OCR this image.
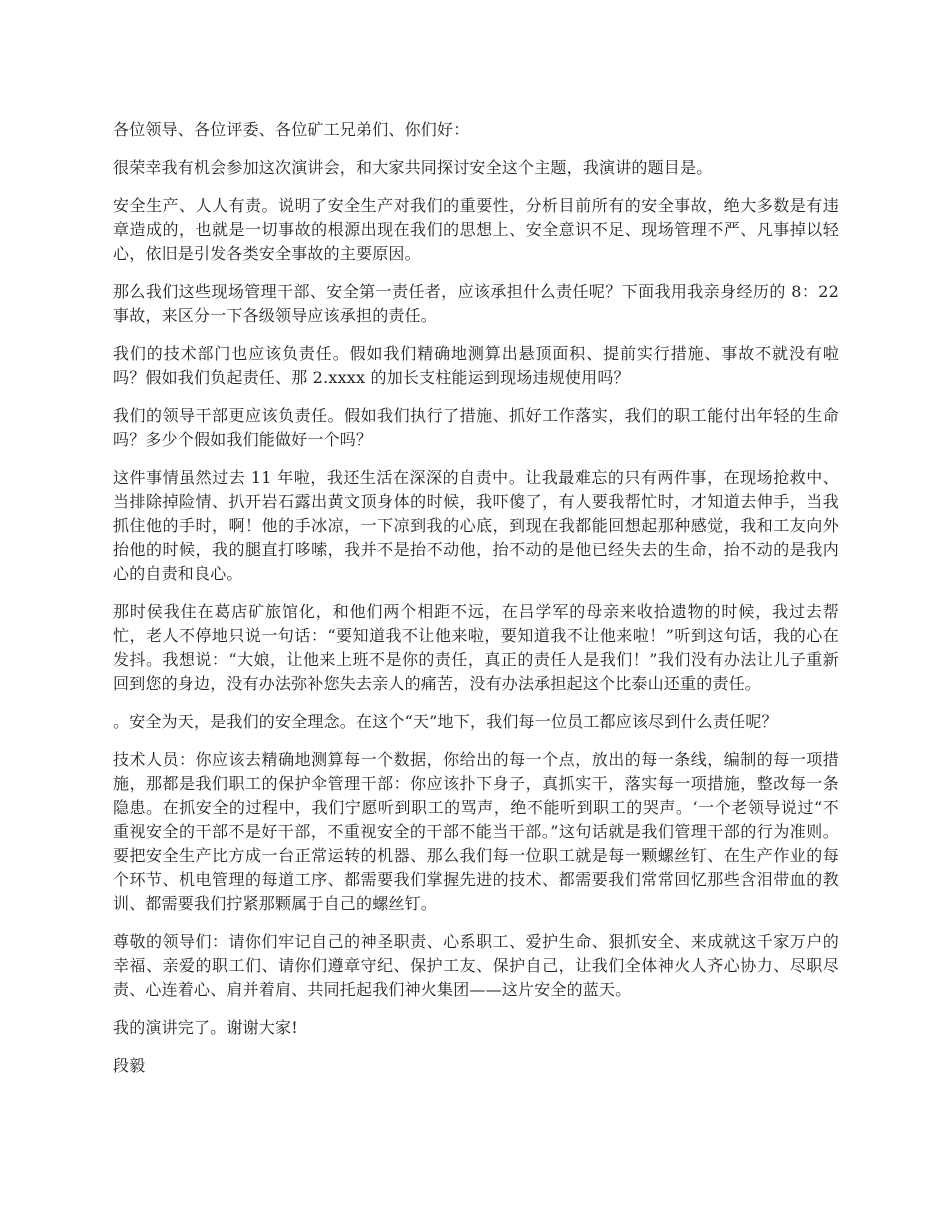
各位领导、各位评委、各位矿工兄弟们、你们好：

很荣幸我有机会参加这次演讲会，和大家共同探讨安全这个主题，我演讲的题目是。

安全生产、人人有责。说明了安全生产对我们的重要性，分析目前所有的安全事故，绝大多数是有违章造成的，也就是一切事故的根源出现在我们的思想上、安全意识不足、现场管理不严、凡事掉以轻心，依旧是引发各类安全事故的主要原因。

那么我们这些现场管理干部、安全第一责任者，应该承担什么责任呢？下面我用我亲身经历的 8：22 事故，来区分一下各级领导应该承担的责任。

我们的技术部门也应该负责任。假如我们精确地测算出悬顶面积、提前实行措施、事故不就没有啦吗？假如我们负起责任、那 2.xxxx 的加长支柱能运到现场违规使用吗？

我们的领导干部更应该负责任。假如我们执行了措施、抓好工作落实，我们的职工能付出年轻的生命吗？多少个假如我们能做好一个吗？

这件事情虽然过去 11 年啦，我还生活在深深的自责中。让我最难忘的只有两件事，在现场抢救中、当排除掉险情、扒开岩石露出黄文顶身体的时候，我吓傻了，有人要我帮忙时，才知道去伸手，当我抓住他的手时，啊！他的手冰凉，一下凉到我的心底，到现在我都能回想起那种感觉，我和工友向外抬他的时候，我的腿直打哆嗦，我并不是抬不动他，抬不动的是他已经失去的生命，抬不动的是我内心的自责和良心。

那时侯我住在葛店矿旅馆化，和他们两个相距不远，在吕学军的母亲来收拾遗物的时候，我过去帮忙，老人不停地只说一句话：“要知道我不让他来啦，要知道我不让他来啦！”听到这句话，我的心在发抖。我想说：“大娘，让他来上班不是你的责任，真正的责任人是我们！”我们没有办法让儿子重新回到您的身边，没有办法弥补您失去亲人的痛苦，没有办法承担起这个比泰山还重的责任。

。安全为天，是我们的安全理念。在这个“天”地下，我们每一位员工都应该尽到什么责任呢？

技术人员：你应该去精确地测算每一个数据，你给出的每一个点，放出的每一条线，编制的每一项措施，那都是我们职工的保护伞管理干部：你应该扑下身子，真抓实干，落实每一项措施，整改每一条隐患。在抓安全的过程中，我们宁愿听到职工的骂声，绝不能听到职工的哭声。‘一个老领导说过“不重视安全的干部不是好干部，不重视安全的干部不能当干部。”这句话就是我们管理干部的行为准则。要把安全生产比方成一台正常运转的机器、那么我们每一位职工就是每一颗螺丝钉、在生产作业的每个环节、机电管理的每道工序、都需要我们掌握先进的技术、都需要我们常常回忆那些含泪带血的教训、都需要我们拧紧那颗属于自己的螺丝钉。

尊敬的领导们：请你们牢记自己的神圣职责、心系职工、爱护生命、狠抓安全、来成就这千家万户的幸福、亲爱的职工们、请你们遵章守纪、保护工友、保护自己，让我们全体神火人齐心协力、尽职尽责、心连着心、肩并着肩、共同托起我们神火集团——这片安全的蓝天。

我的演讲完了。谢谢大家!

段毅
